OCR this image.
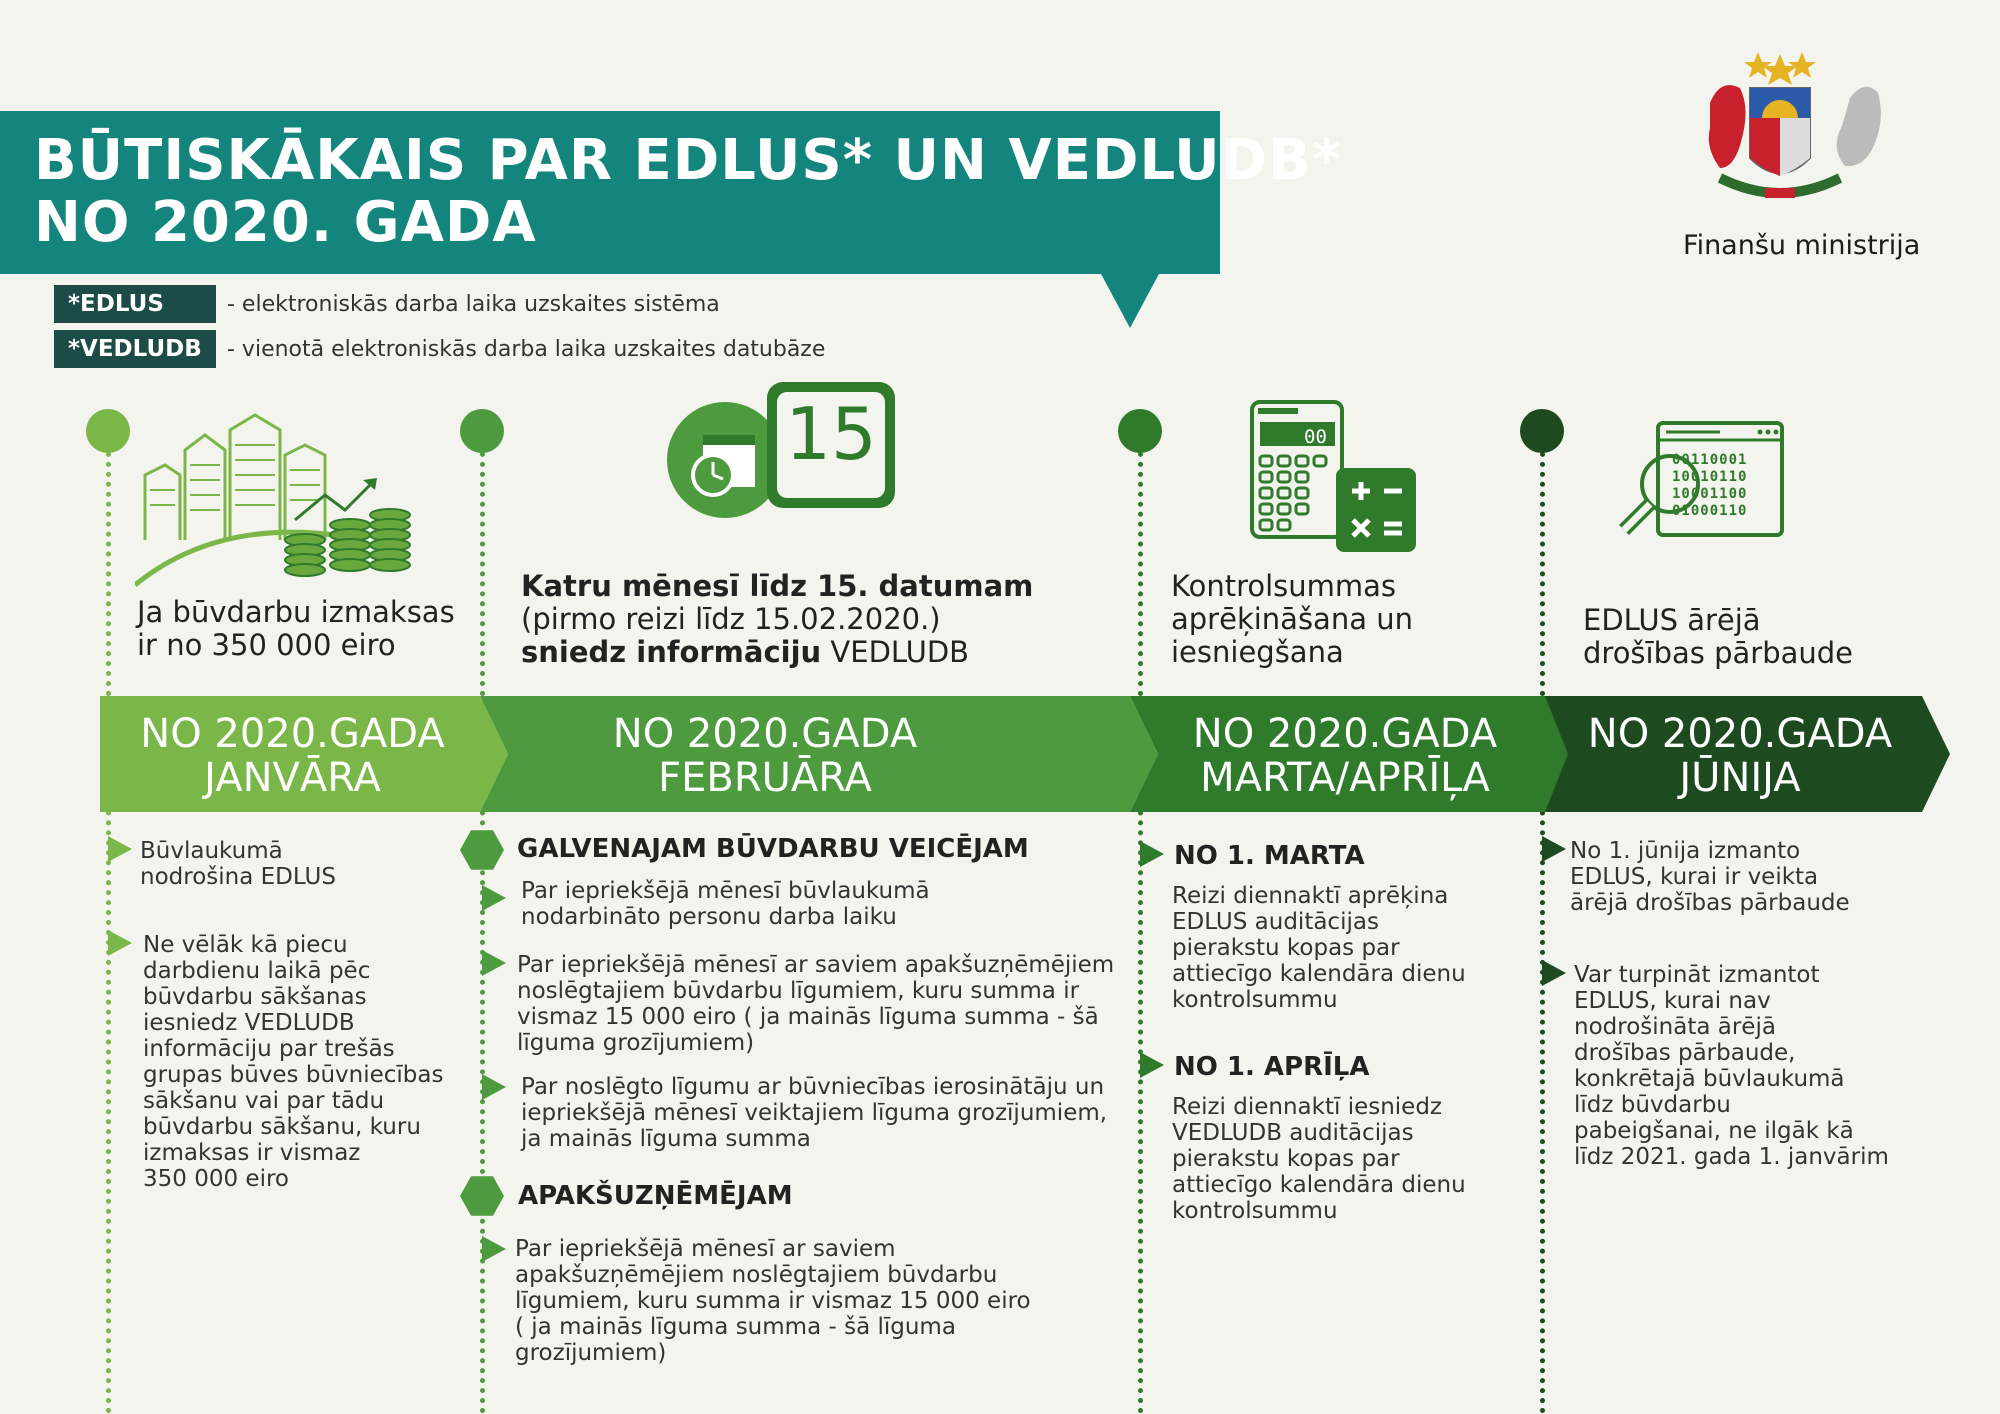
BŪTISKĀKAIS PAR EDLUS* UN VEDLUDB*
NO 2020. GADA
*EDLUS	- elektroniskās darba laika uzskaites sistēma
*VEDLUDB	- vienotā elektroniskās darba laika uzskaites datubāze
Finanšu ministrija
15	00
00110001
10010110
10001100
01000110
Ja būvdarbu izmaksas
ir no 350 000 eiro
Katru mēnesī līdz 15. datumam
(pirmo reizi līdz 15.02.2020.)
sniedz informāciju VEDLUDB
Kontrolsummas
aprēķināšana un
iesniegšana
EDLUS ārējā
drošības pārbaude
NO 2020.GADA
JANVĀRA
NO 2020.GADA
FEBRUĀRA
NO 2020.GADA
MARTA/APRĪĻA
NO 2020.GADA
JŪNIJA
Būvlaukumā
nodrošina EDLUS
Ne vēlāk kā piecu
darbdienu laikā pēc
būvdarbu sākšanas
iesniedz VEDLUDB
informāciju par trešās
grupas būves būvniecības
sākšanu vai par tādu
būvdarbu sākšanu, kuru
izmaksas ir vismaz
350 000 eiro
GALVENAJAM BŪVDARBU VEICĒJAM
Par iepriekšējā mēnesī būvlaukumā
nodarbināto personu darba laiku
Par iepriekšējā mēnesī ar saviem apakšuzņēmējiem
noslēgtajiem būvdarbu līgumiem, kuru summa ir
vismaz 15 000 eiro ( ja mainās līguma summa - šā
līguma grozījumiem)
Par noslēgto līgumu ar būvniecības ierosinātāju un
iepriekšējā mēnesī veiktajiem līguma grozījumiem,
ja mainās līguma summa
APAKŠUZŅĒMĒJAM
Par iepriekšējā mēnesī ar saviem
apakšuzņēmējiem noslēgtajiem būvdarbu
līgumiem, kuru summa ir vismaz 15 000 eiro
( ja mainās līguma summa - šā līguma
grozījumiem)
NO 1. MARTA
Reizi diennaktī aprēķina
EDLUS auditācijas
pierakstu kopas par
attiecīgo kalendāra dienu
kontrolsummu
NO 1. APRĪĻA
Reizi diennaktī iesniedz
VEDLUDB auditācijas
pierakstu kopas par
attiecīgo kalendāra dienu
kontrolsummu
No 1. jūnija izmanto
EDLUS, kurai ir veikta
ārējā drošības pārbaude
Var turpināt izmantot
EDLUS, kurai nav
nodrošināta ārējā
drošības pārbaude,
konkrētajā būvlaukumā
līdz būvdarbu
pabeigšanai, ne ilgāk kā
līdz 2021. gada 1. janvārim
